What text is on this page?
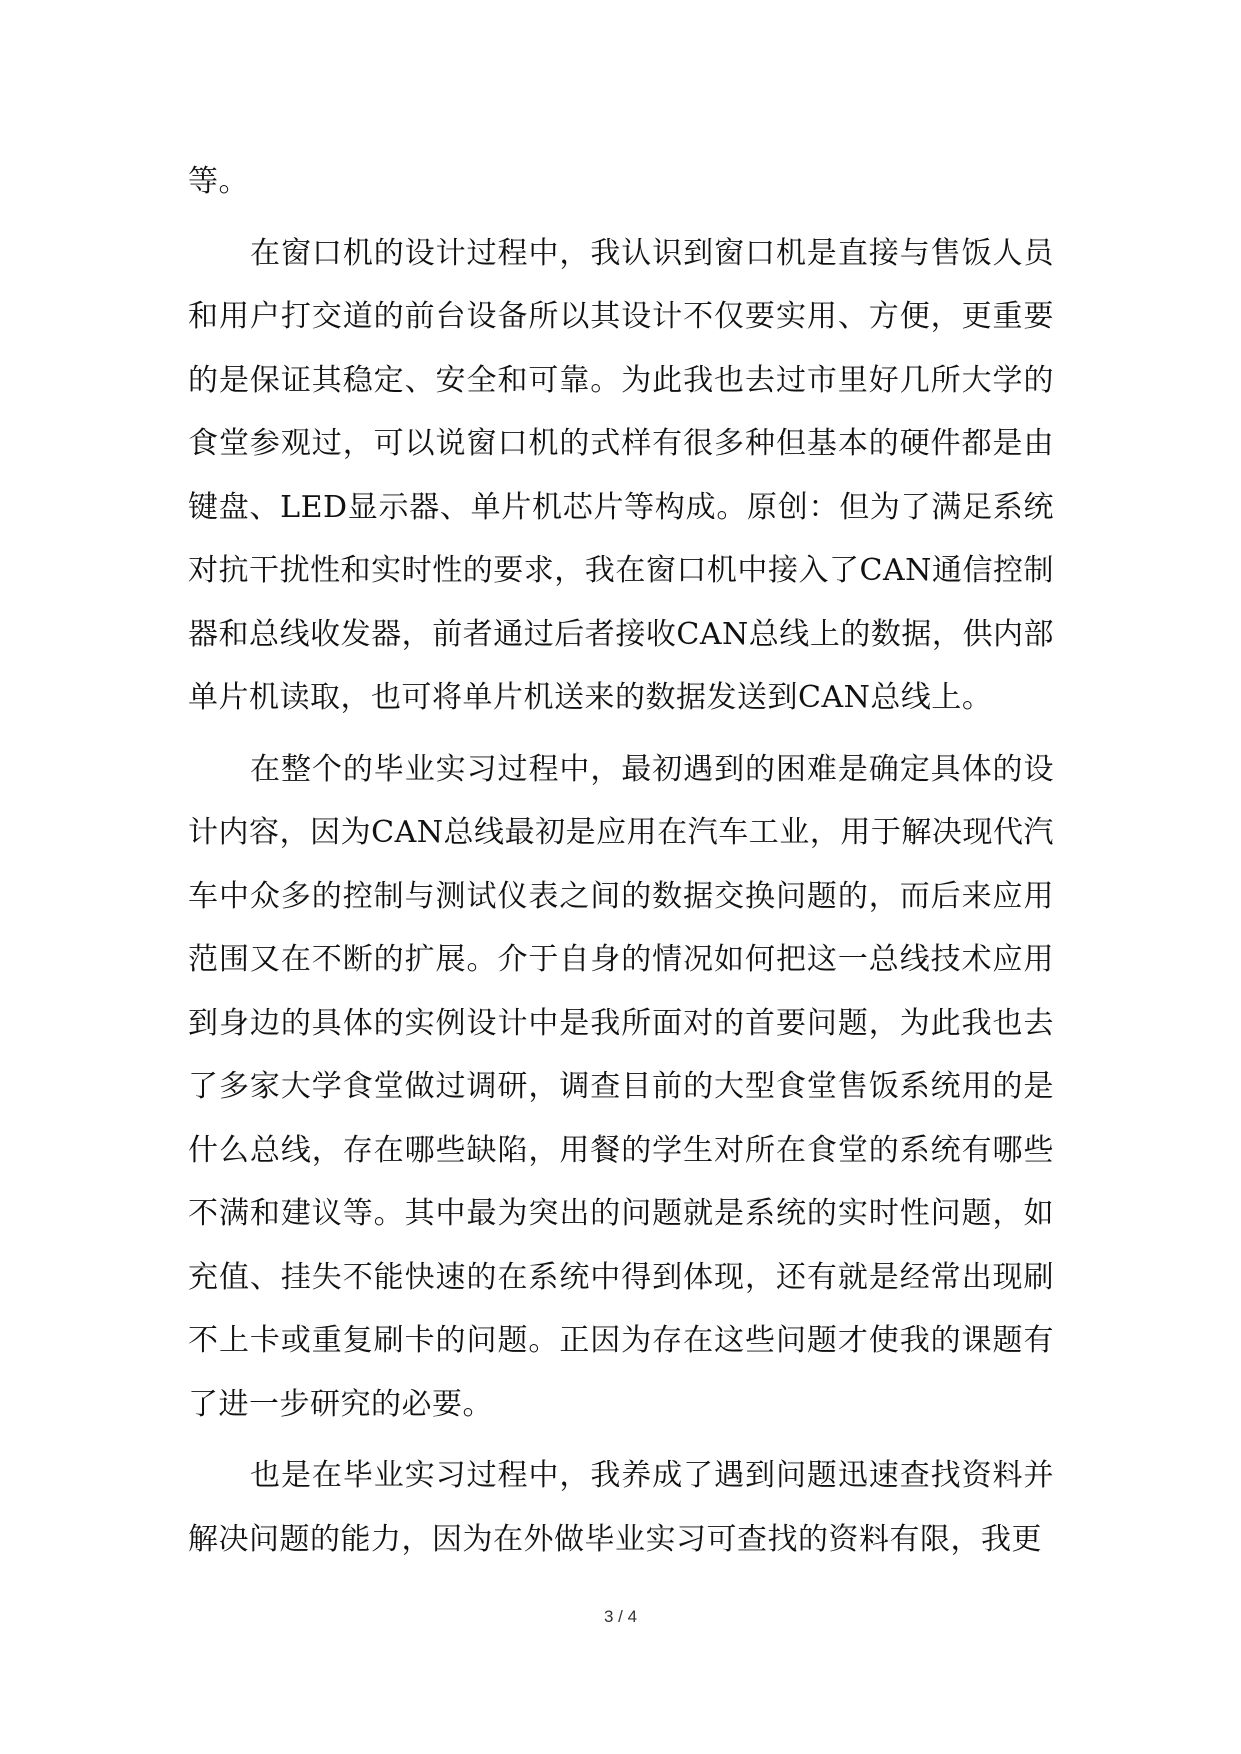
等。

在窗口机的设计过程中，我认识到窗口机是直接与售饭人员和用户打交道的前台设备所以其设计不仅要实用、方便，更重要的是保证其稳定、安全和可靠。为此我也去过市里好几所大学的食堂参观过，可以说窗口机的式样有很多种但基本的硬件都是由键盘、LED显示器、单片机芯片等构成。原创：但为了满足系统对抗干扰性和实时性的要求，我在窗口机中接入了CAN通信控制器和总线收发器，前者通过后者接收CAN总线上的数据，供内部单片机读取，也可将单片机送来的数据发送到CAN总线上。

在整个的毕业实习过程中，最初遇到的困难是确定具体的设计内容，因为CAN总线最初是应用在汽车工业，用于解决现代汽车中众多的控制与测试仪表之间的数据交换问题的，而后来应用范围又在不断的扩展。介于自身的情况如何把这一总线技术应用到身边的具体的实例设计中是我所面对的首要问题，为此我也去了多家大学食堂做过调研，调查目前的大型食堂售饭系统用的是什么总线，存在哪些缺陷，用餐的学生对所在食堂的系统有哪些不满和建议等。其中最为突出的问题就是系统的实时性问题，如充值、挂失不能快速的在系统中得到体现，还有就是经常出现刷不上卡或重复刷卡的问题。正因为存在这些问题才使我的课题有了进一步研究的必要。

也是在毕业实习过程中，我养成了遇到问题迅速查找资料并解决问题的能力，因为在外做毕业实习可查找的资料有限，我更

3 / 4
